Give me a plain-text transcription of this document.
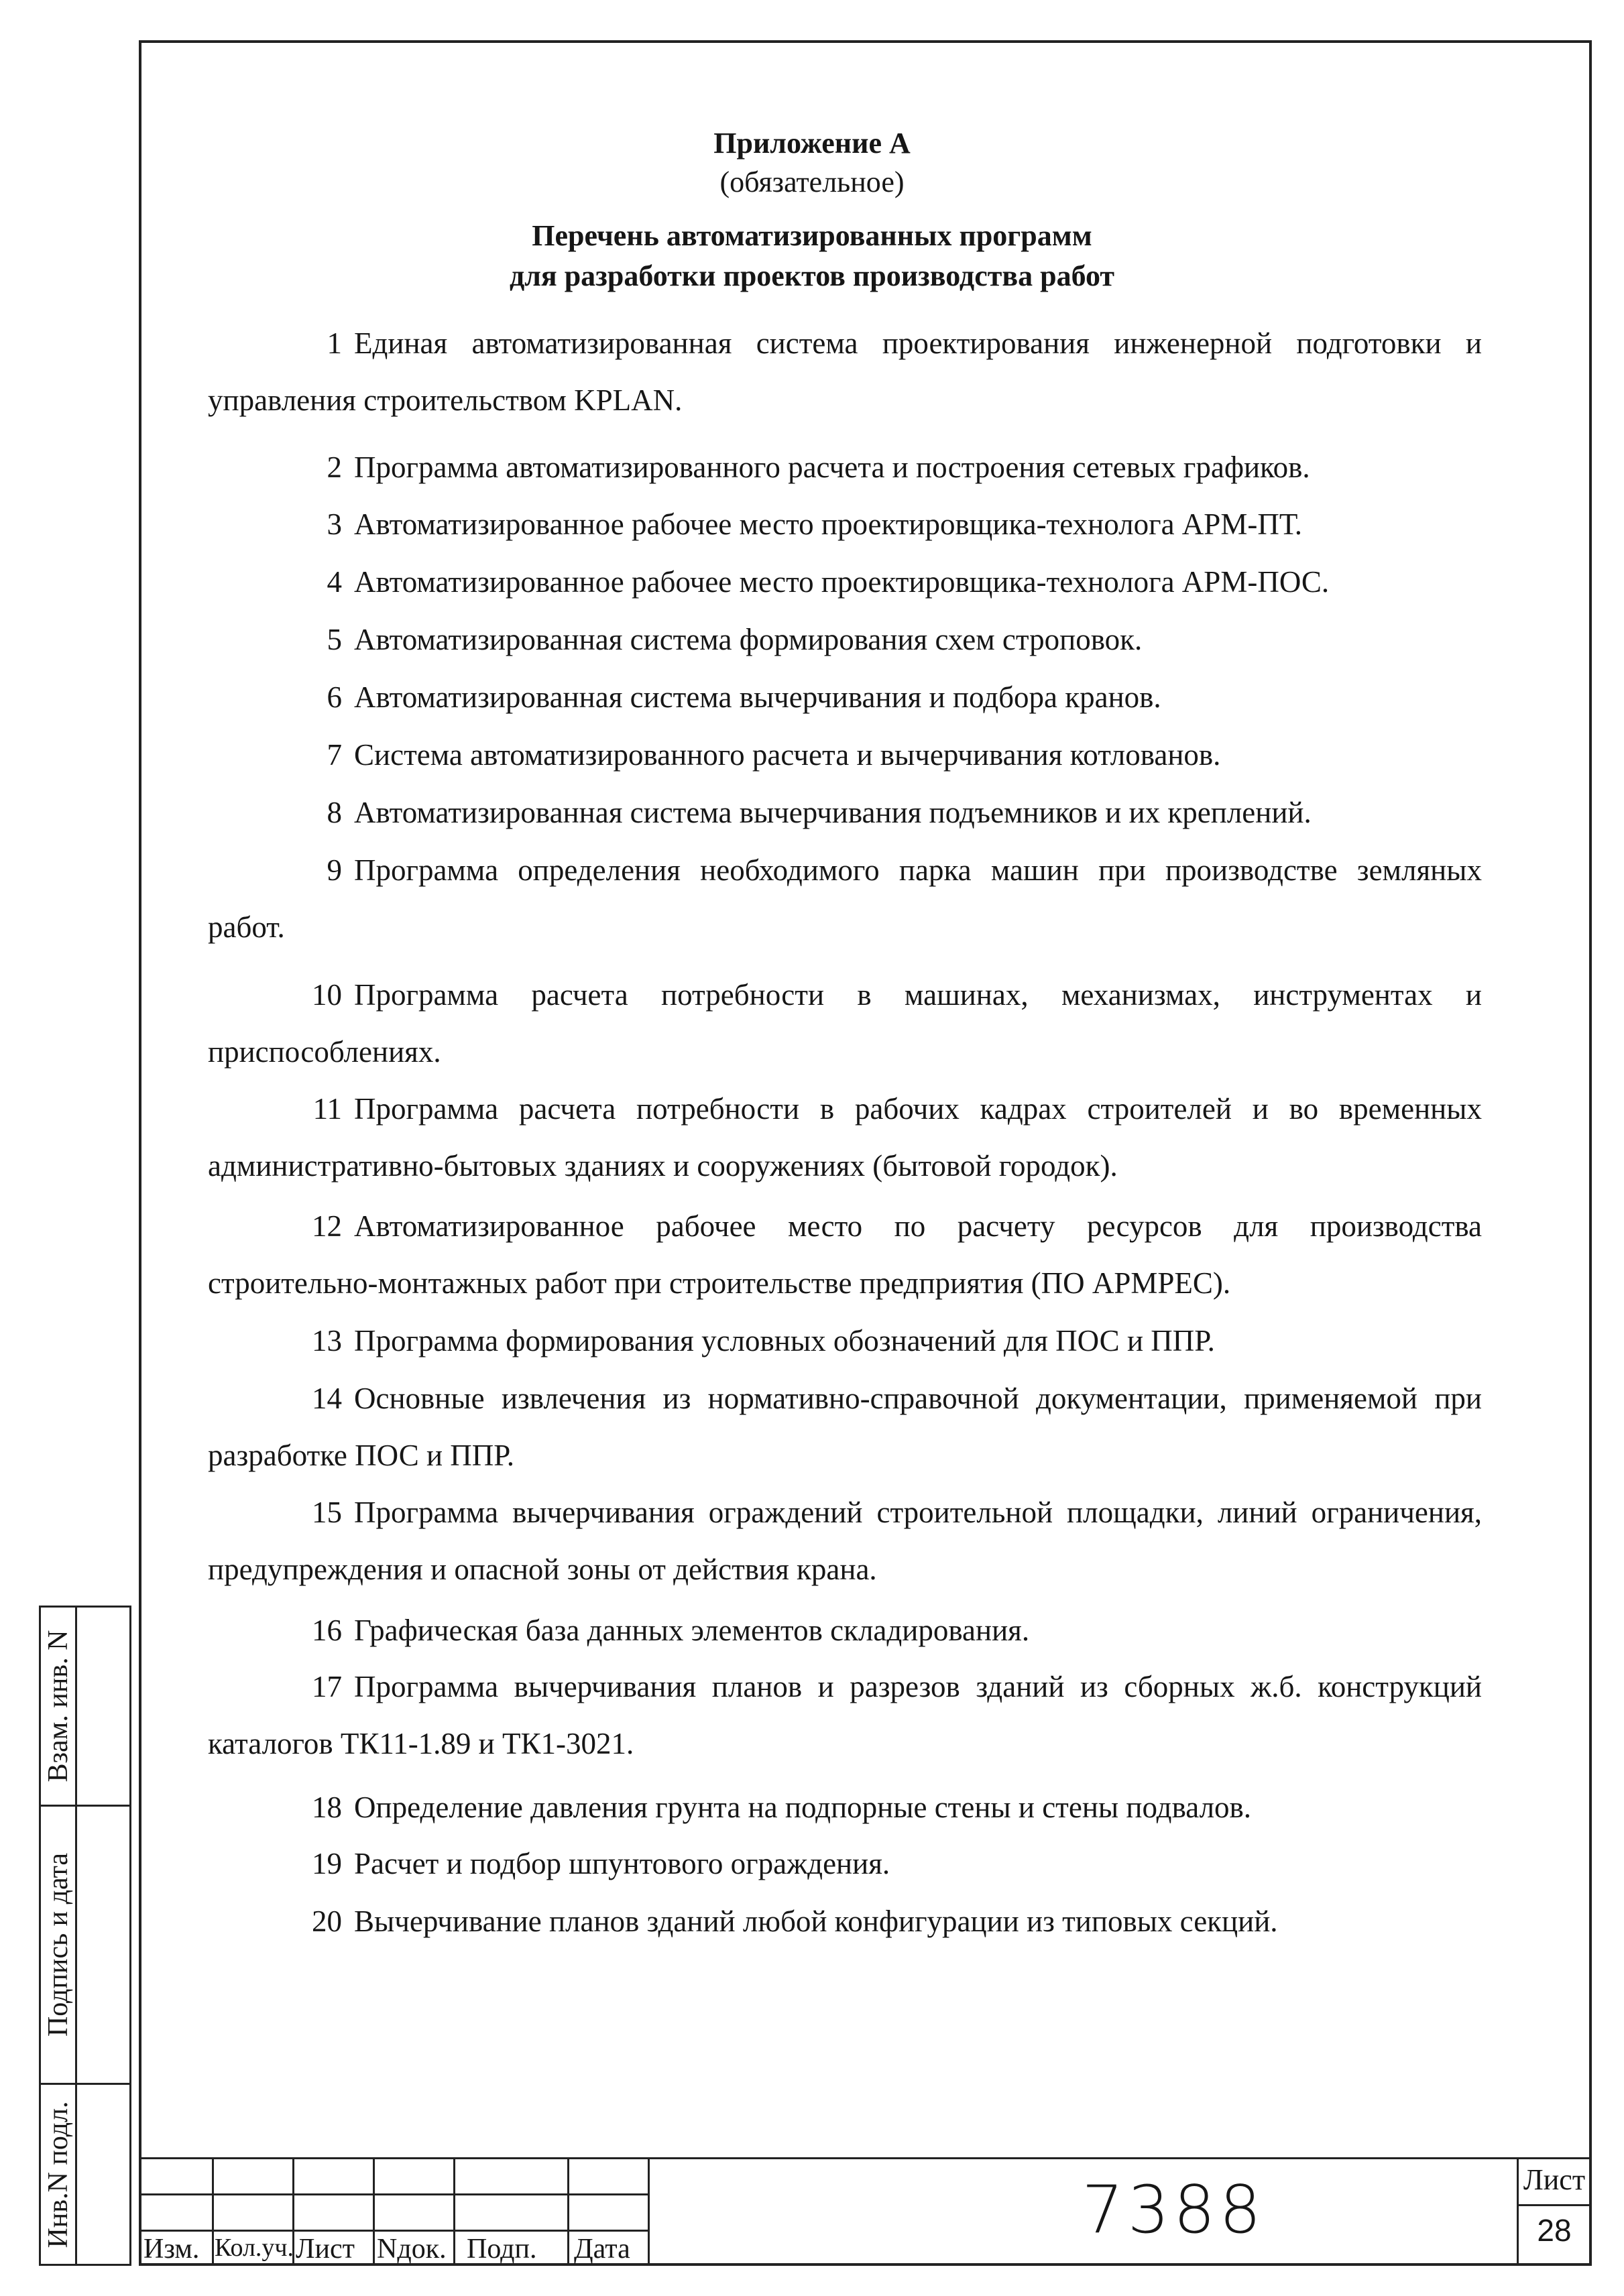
Приложение А
(обязательное)
Перечень автоматизированных программ
для разработки проектов производства работ
1 Единая автоматизированная система проектирования инженерной подготовки и управления строительством KPLAN.
2 Программа автоматизированного расчета и построения сетевых графиков.
3 Автоматизированное рабочее место проектировщика-технолога АРМ-ПТ.
4 Автоматизированное рабочее место проектировщика-технолога АРМ-ПОС.
5 Автоматизированная система формирования схем строповок.
6 Автоматизированная система вычерчивания и подбора кранов.
7 Система автоматизированного расчета и вычерчивания котлованов.
8 Автоматизированная система вычерчивания подъемников и их креплений.
9 Программа определения необходимого парка машин при производстве земляных работ.
10 Программа расчета потребности в машинах, механизмах, инструментах и приспособлениях.
11 Программа расчета потребности в рабочих кадрах строителей и во временных административно-бытовых зданиях и сооружениях (бытовой городок).
12 Автоматизированное рабочее место по расчету ресурсов для производства строительно-монтажных работ при строительстве предприятия (ПО АРМРЕС).
13 Программа формирования условных обозначений для ПОС и ППР.
14 Основные извлечения из нормативно-справочной документации, применяемой при разработке ПОС и ППР.
15 Программа вычерчивания ограждений строительной площадки, линий ограничения, предупреждения и опасной зоны от действия крана.
16 Графическая база данных элементов складирования.
17 Программа вычерчивания планов и разрезов зданий из сборных ж.б. конструкций каталогов ТК11-1.89 и ТК1-3021.
18 Определение давления грунта на подпорные стены и стены подвалов.
19 Расчет и подбор шпунтового ограждения.
20 Вычерчивание планов зданий любой конфигурации из типовых секций.
Взам. инв. N
Подпись и дата
Инв.N подл.
Изм. Кол.уч. Лист Nдок. Подп. Дата
7388	Лист
28
